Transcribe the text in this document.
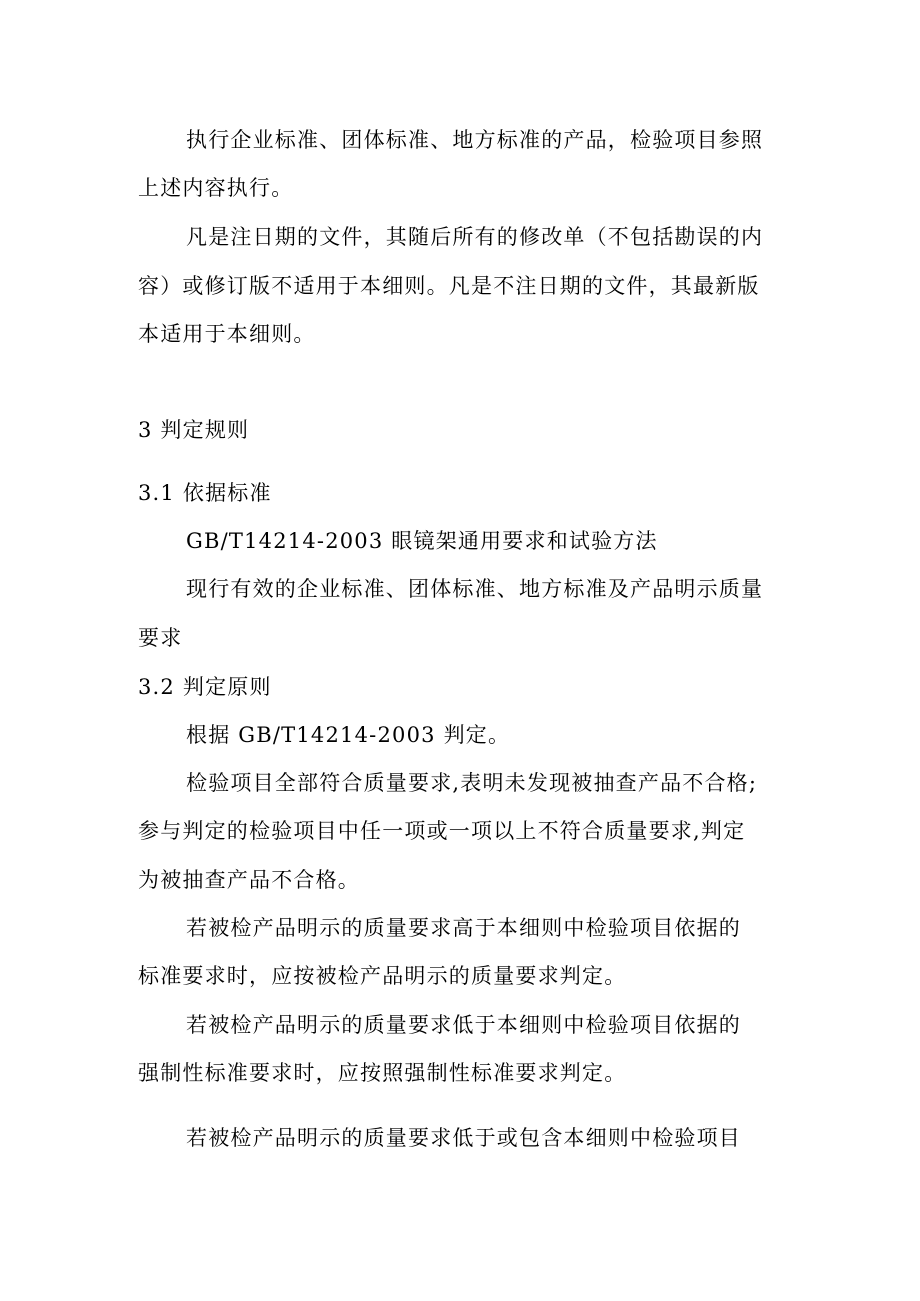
执行企业标准、团体标准、地方标准的产品，检验项目参照
上述内容执行。
凡是注日期的文件，其随后所有的修改单（不包括勘误的内
容）或修订版不适用于本细则。凡是不注日期的文件，其最新版
本适用于本细则。
3 判定规则
3.1 依据标准
GB/T14214-2003 眼镜架通用要求和试验方法
现行有效的企业标准、团体标准、地方标准及产品明示质量
要求
3.2 判定原则
根据 GB/T14214-2003 判定。
检验项目全部符合质量要求,表明未发现被抽查产品不合格;
参与判定的检验项目中任一项或一项以上不符合质量要求,判定
为被抽查产品不合格。
若被检产品明示的质量要求高于本细则中检验项目依据的
标准要求时，应按被检产品明示的质量要求判定。
若被检产品明示的质量要求低于本细则中检验项目依据的
强制性标准要求时，应按照强制性标准要求判定。
若被检产品明示的质量要求低于或包含本细则中检验项目
